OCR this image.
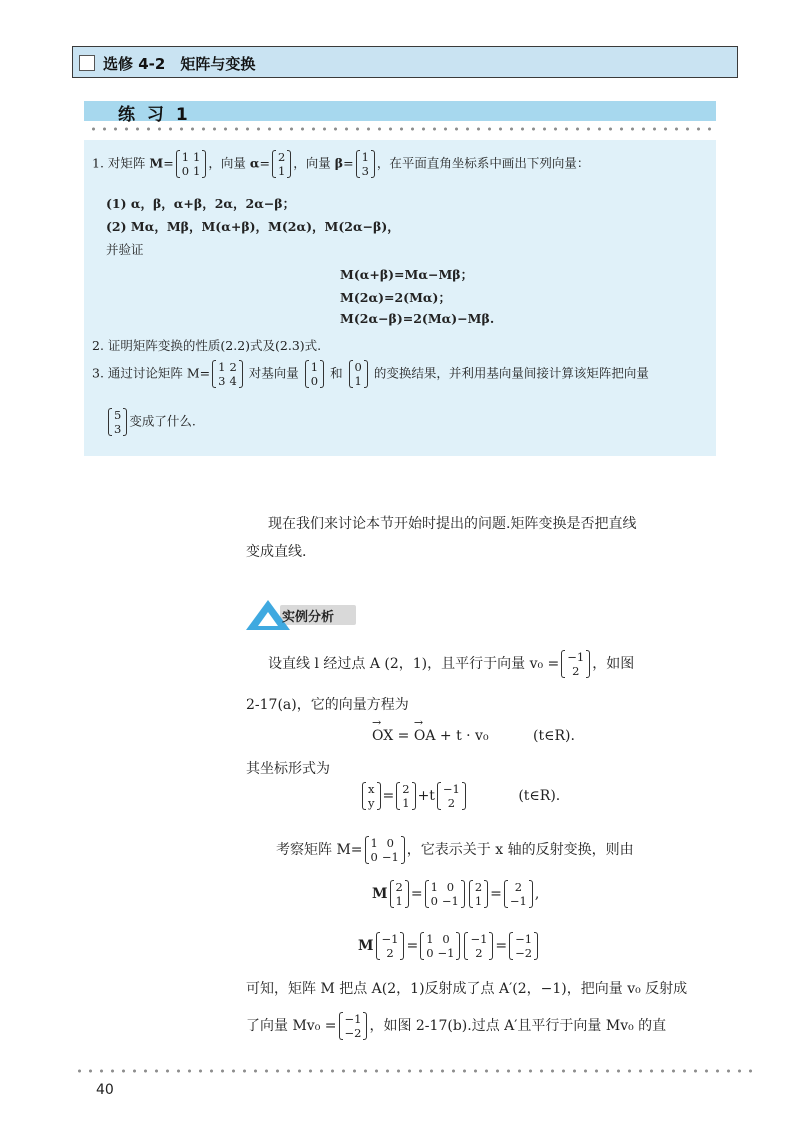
选修 4-2　矩阵与变换
练 习 1
1. 对矩阵 M= 1	1
0	1
，向量 α= 2
1
，向量 β= 1
3
，在平面直角坐标系中画出下列向量：
(1) α，β，α+β，2α，2α−β；
(2) Mα，Mβ，M(α+β)，M(2α)，M(2α−β)，
并验证
M(α+β)=Mα−Mβ；
M(2α)=2(Mα)；
M(2α−β)=2(Mα)−Mβ.
2. 证明矩阵变换的性质(2.2)式及(2.3)式.
3. 通过讨论矩阵 M= 1	2
3	4
对基向量 1
0
和 0
1
的变换结果，并利用基向量间接计算该矩阵把向量
5
3
变成了什么.
现在我们来讨论本节开始时提出的问题.矩阵变换是否把直线
变成直线.
实例分析
设直线 l 经过点 A (2，1)，且平行于向量 v₀ = −1
2 ，如图
2-17(a)，它的向量方程为
→ OX = → OA + t · v₀	(t∈R).
其坐标形式为
x
y = 2
1 +t −1
2	(t∈R).
考察矩阵 M= 1	0
0	−1 ，它表示关于 x 轴的反射变换，则由
M 2
1 = 1	0
0	−1
2
1 = 2
−1 ,
M −1
2 = 1	0
0	−1
−1
2 = −1
−2
可知，矩阵 M 把点 A(2，1)反射成了点 A′(2，−1)，把向量 v₀ 反射成
了向量 Mv₀ = −1
−2 ，如图 2-17(b).过点 A′且平行于向量 Mv₀ 的直
40
